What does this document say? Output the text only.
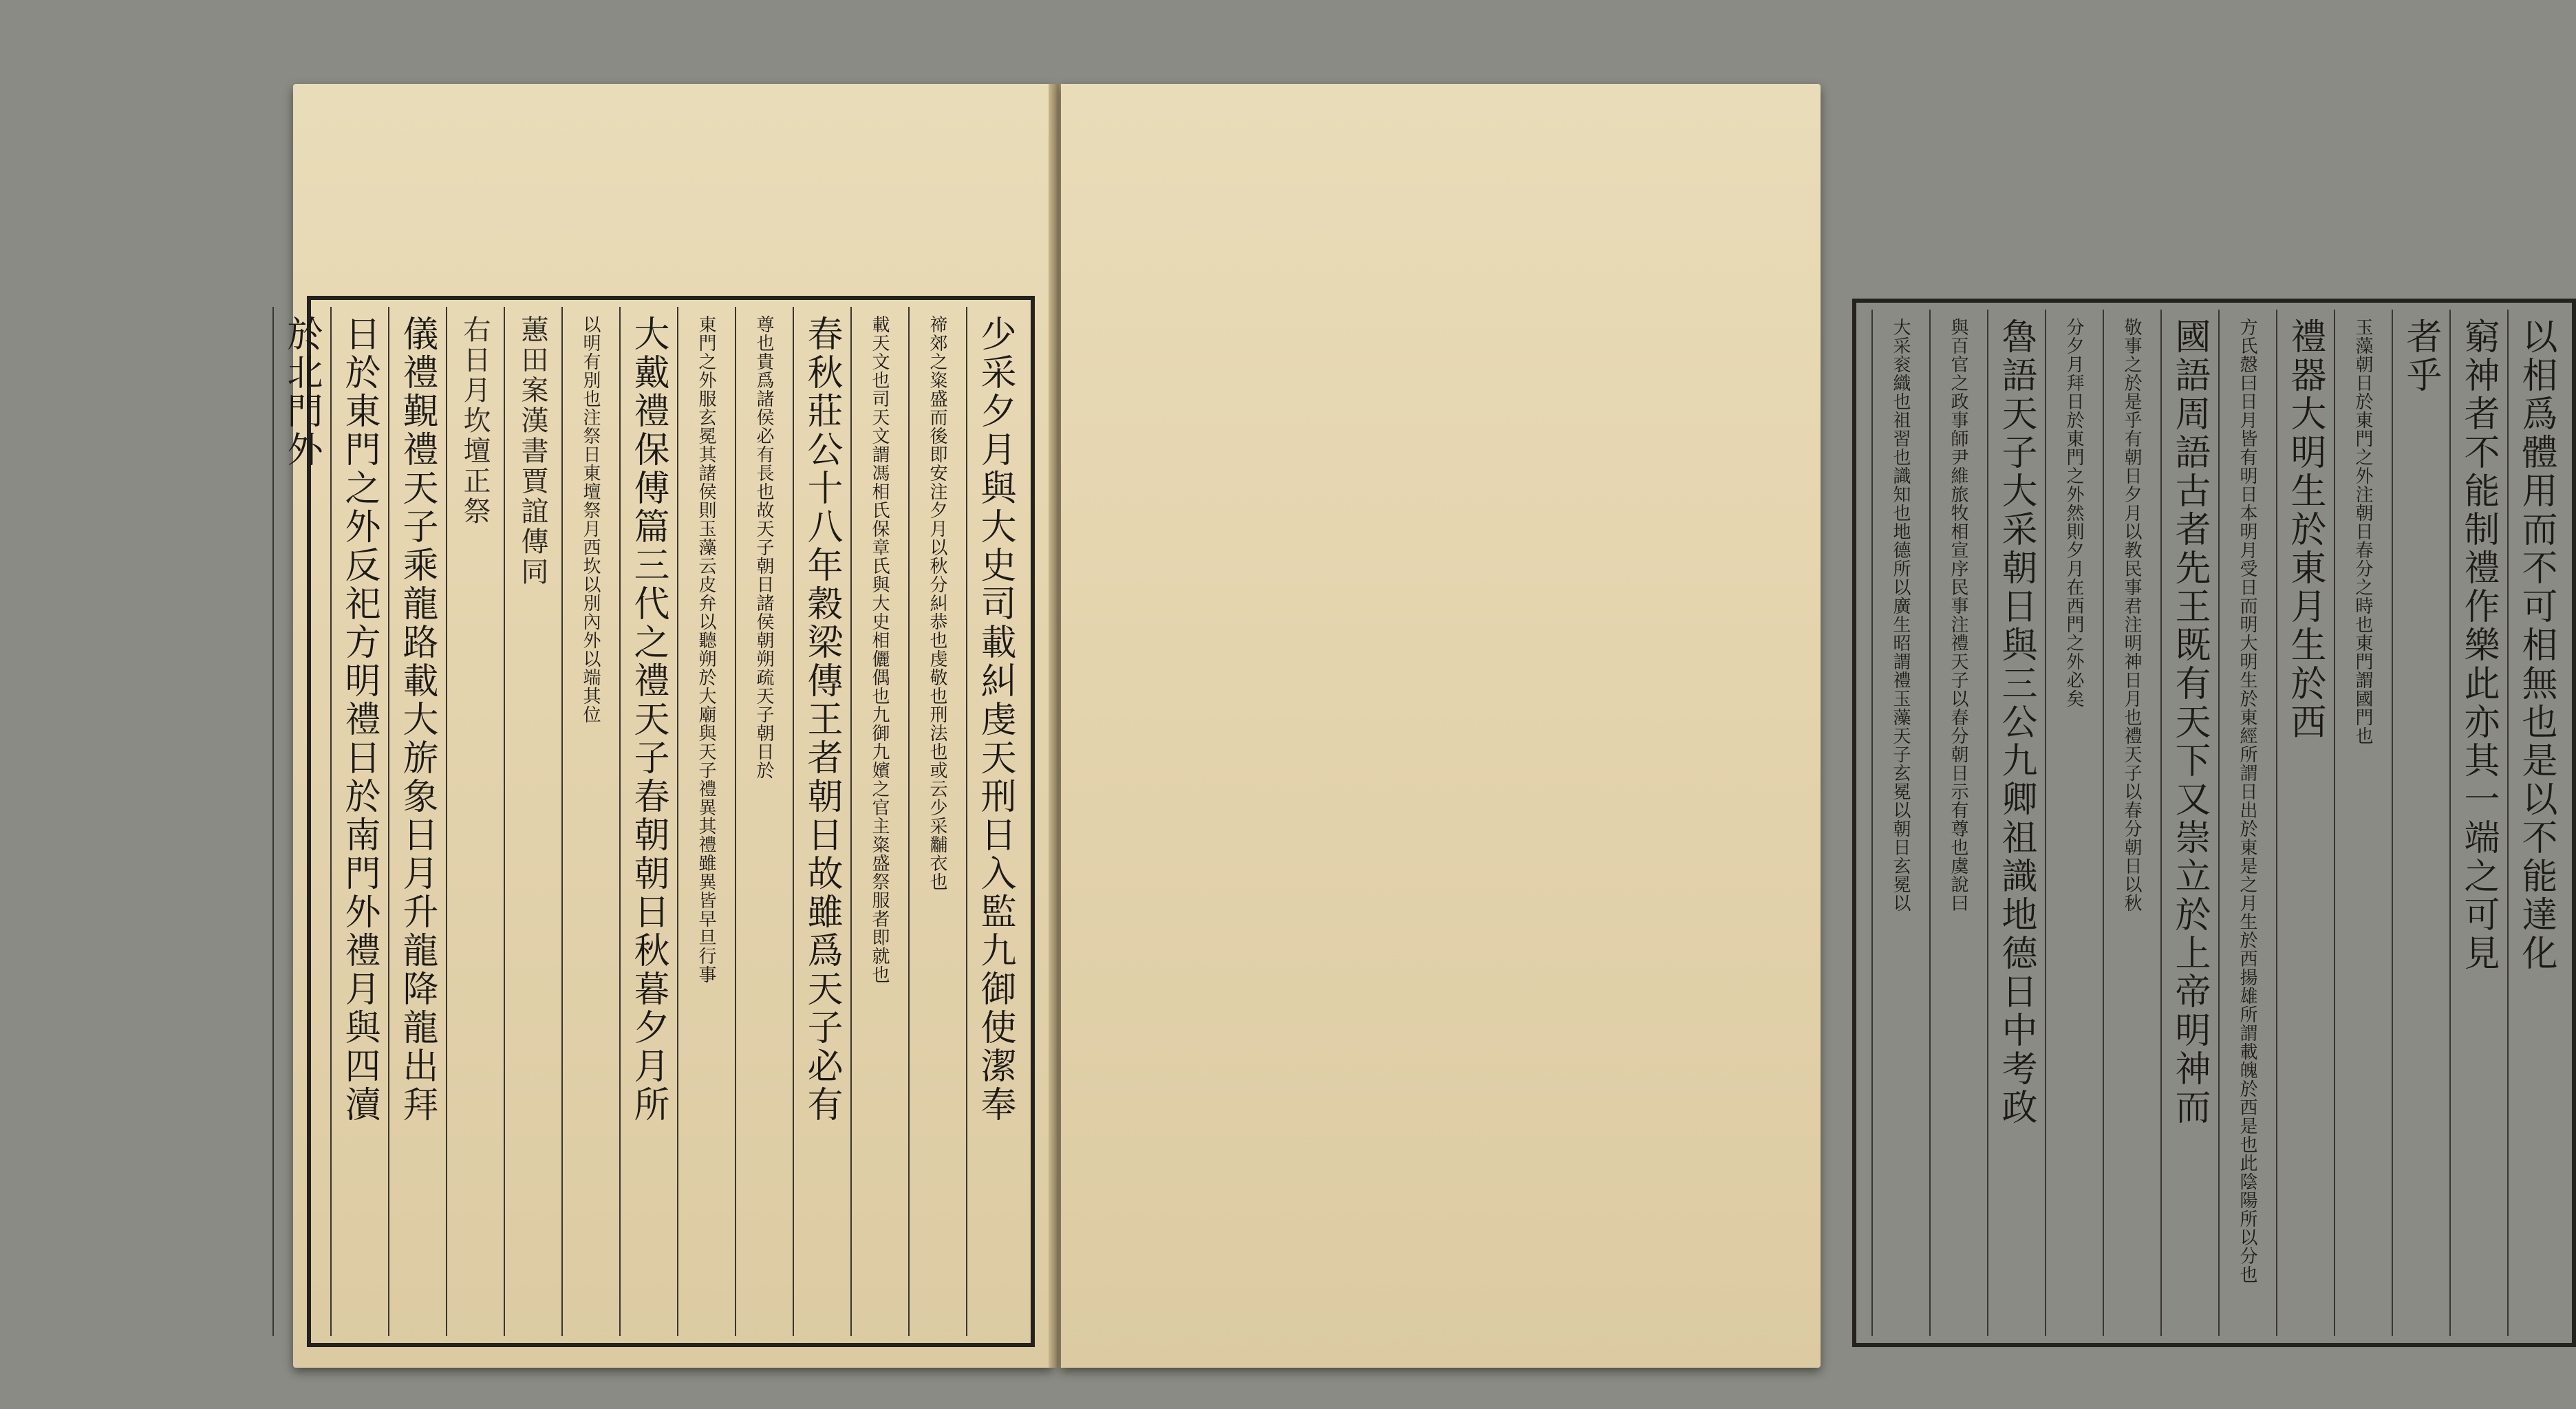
少采夕月與大史司載糾虔天刑日入監九御使潔奉
禘郊之粢盛而後即安注夕月以秋分糾恭也虔敬也刑法也或云少采黼衣也
載天文也司天文謂馮相氏保章氏與大史相儷偶也九御九嬪之官主粢盛祭服者即就也
春秋莊公十八年穀梁傳王者朝日故雖爲天子必有
尊也貴爲諸侯必有長也故天子朝日諸侯朝朔疏天子朝日於
東門之外服玄冕其諸侯則玉藻云皮弁以聽朔於大廟與天子禮異其禮雖異皆早旦行事
大戴禮保傅篇三代之禮天子春朝朝日秋暮夕月所
以明有別也注祭日東壇祭月西坎以別內外以端其位
蕙田案漢書賈誼傳同
右日月坎壇正祭
儀禮覲禮天子乘龍路載大旂象日月升龍降龍出拜
日於東門之外反祀方明禮日於南門外禮月與四瀆
於北門外	以相爲體用而不可相無也是以不能達化
窮神者不能制禮作樂此亦其一端之可見
者乎
玉藻朝日於東門之外注朝日春分之時也東門謂國門也
禮器大明生於東月生於西
方氏慤曰日月皆有明日本明月受日而明大明生於東經所謂日出於東是之月生於西揚雄所謂載魄於西是也此陰陽所以分也
國語周語古者先王既有天下又崇立於上帝明神而
敬事之於是乎有朝日夕月以教民事君注明神日月也禮天子以春分朝日以秋
分夕月拜日於東門之外然則夕月在西門之外必矣
魯語天子大采朝日與三公九卿祖識地德日中考政
與百官之政事師尹維旅牧相宣序民事注禮天子以春分朝日示有尊也虞說曰
大采衮織也祖習也識知也地德所以廣生昭謂禮玉藻天子玄冕以朝日玄冕以
